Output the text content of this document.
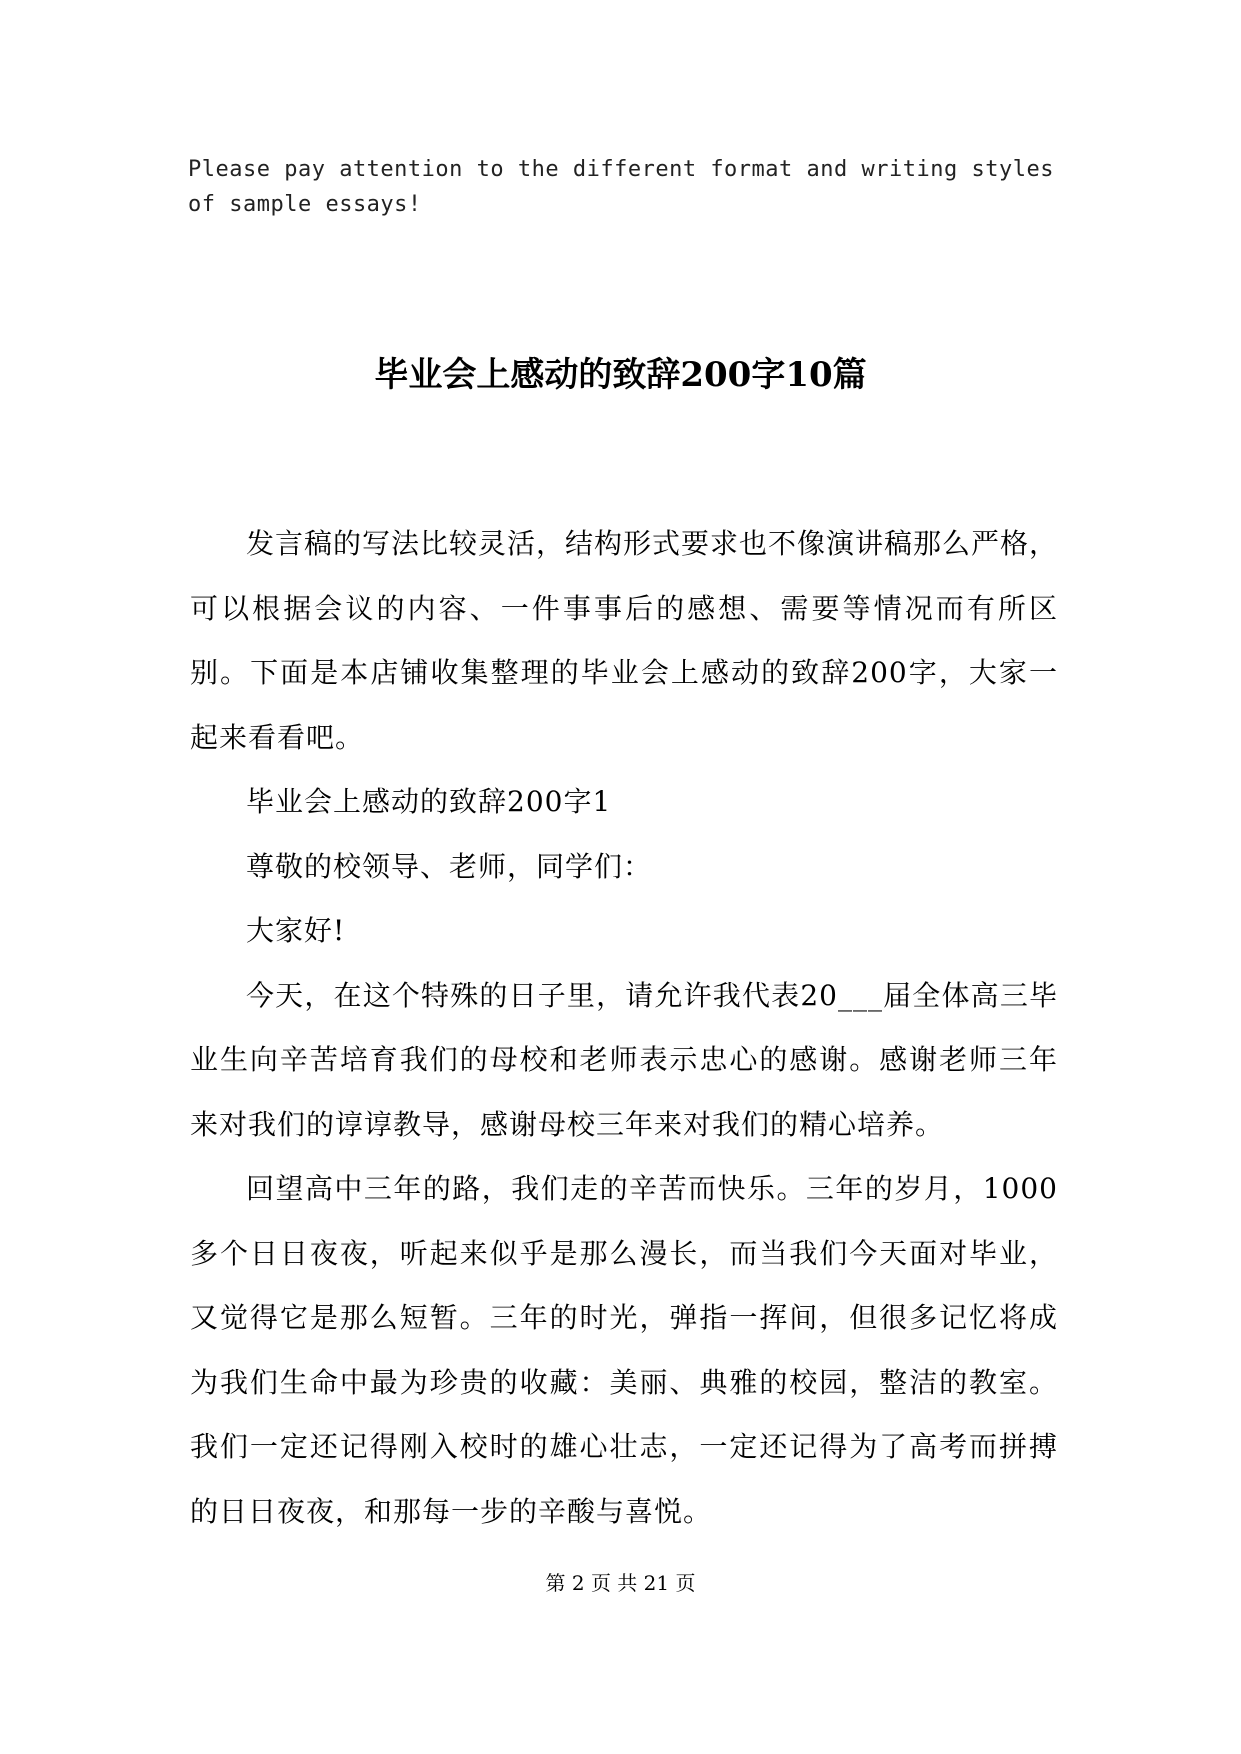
Please pay attention to the different format and writing styles of sample essays!
毕业会上感动的致辞200字10篇

发言稿的写法比较灵活，结构形式要求也不像演讲稿那么严格，可以根据会议的内容、一件事事后的感想、需要等情况而有所区别。下面是本店铺收集整理的毕业会上感动的致辞200字，大家一起来看看吧。

毕业会上感动的致辞200字1

尊敬的校领导、老师，同学们：

大家好!

今天，在这个特殊的日子里，请允许我代表20___届全体高三毕业生向辛苦培育我们的母校和老师表示忠心的感谢。感谢老师三年来对我们的谆谆教导，感谢母校三年来对我们的精心培养。

回望高中三年的路，我们走的辛苦而快乐。三年的岁月，1000多个日日夜夜，听起来似乎是那么漫长，而当我们今天面对毕业，又觉得它是那么短暂。三年的时光，弹指一挥间，但很多记忆将成为我们生命中最为珍贵的收藏：美丽、典雅的校园，整洁的教室。我们一定还记得刚入校时的雄心壮志，一定还记得为了高考而拼搏的日日夜夜，和那每一步的辛酸与喜悦。

第 2 页 共 21 页
